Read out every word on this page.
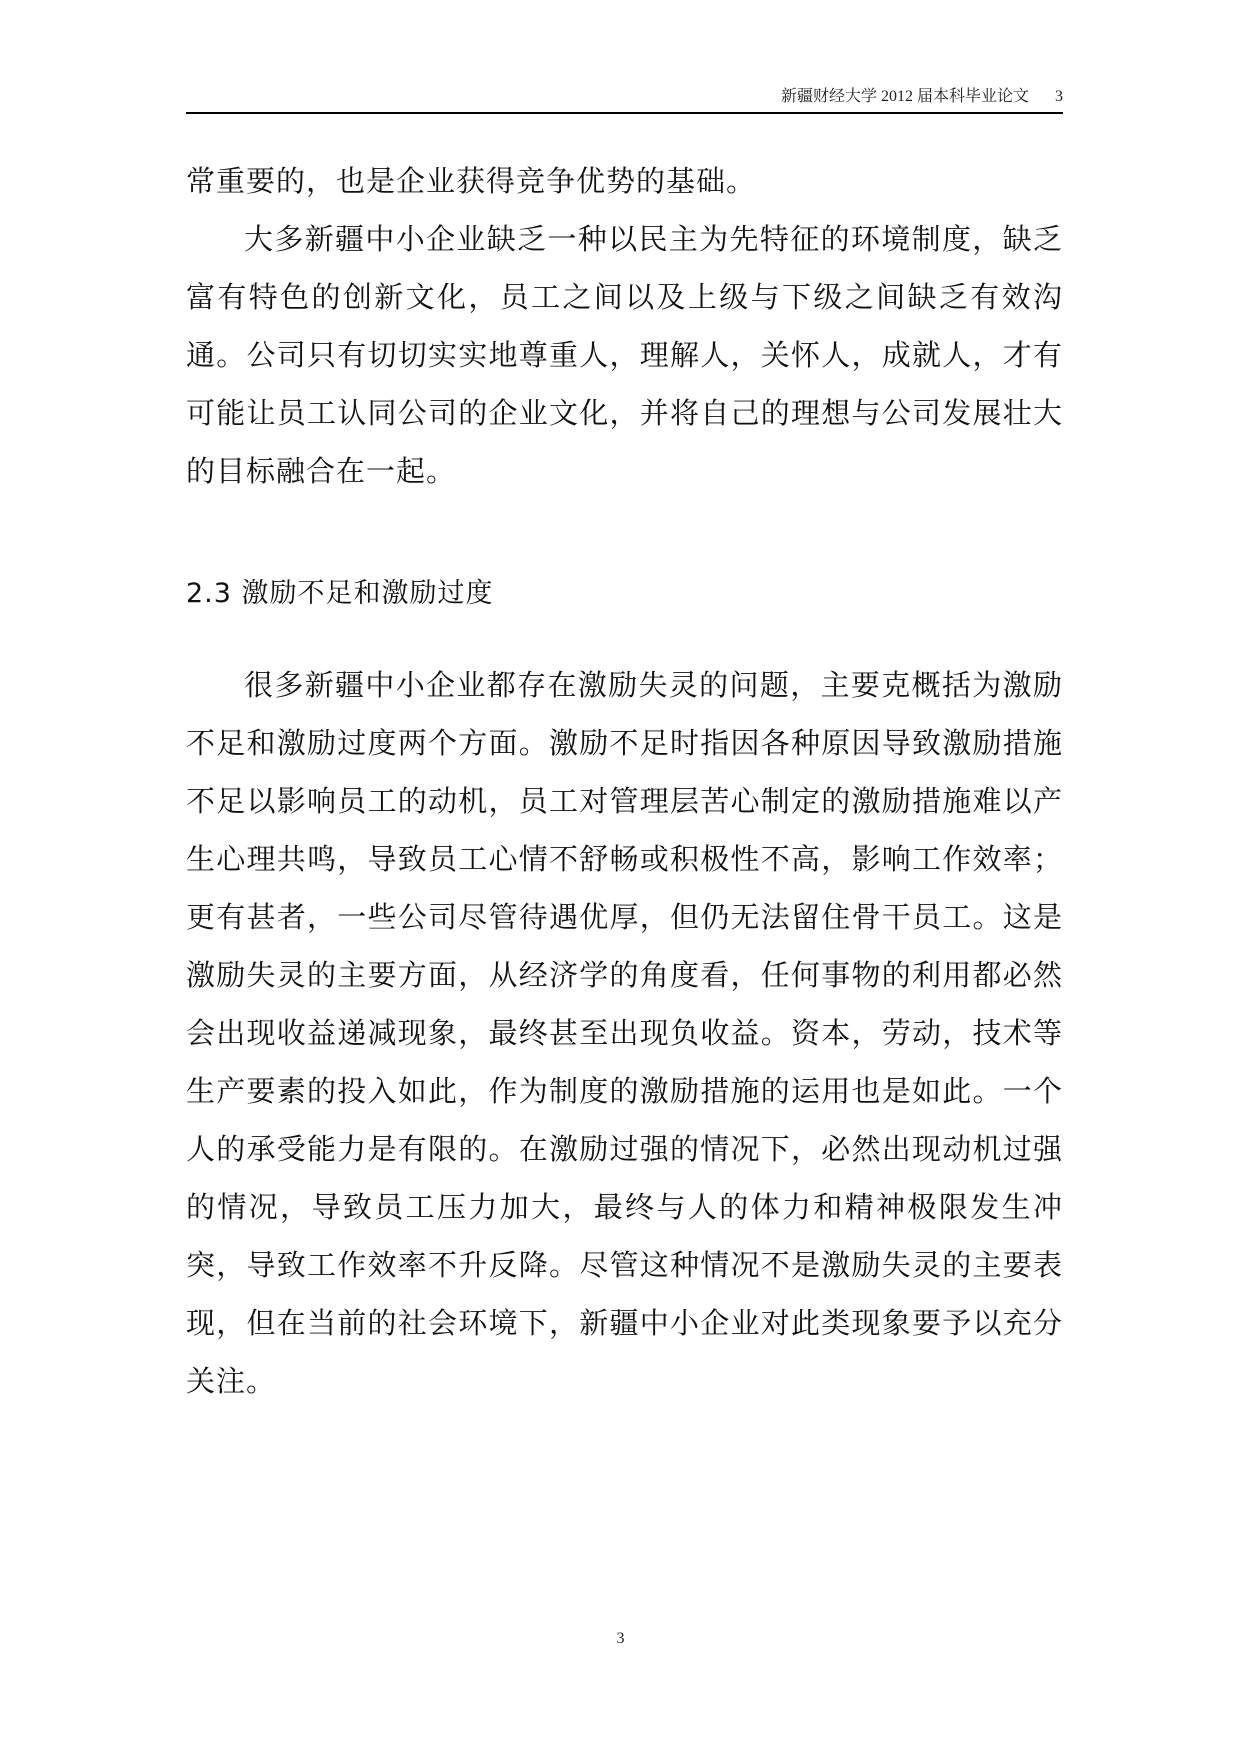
新疆财经大学 2012 届本科毕业论文 3
常重要的，也是企业获得竞争优势的基础。

大多新疆中小企业缺乏一种以民主为先特征的环境制度，缺乏富有特色的创新文化，员工之间以及上级与下级之间缺乏有效沟通。公司只有切切实实地尊重人，理解人，关怀人，成就人，才有可能让员工认同公司的企业文化，并将自己的理想与公司发展壮大的目标融合在一起。

2.3 激励不足和激励过度

很多新疆中小企业都存在激励失灵的问题，主要克概括为激励不足和激励过度两个方面。激励不足时指因各种原因导致激励措施不足以影响员工的动机，员工对管理层苦心制定的激励措施难以产生心理共鸣，导致员工心情不舒畅或积极性不高，影响工作效率；更有甚者，一些公司尽管待遇优厚，但仍无法留住骨干员工。这是激励失灵的主要方面，从经济学的角度看，任何事物的利用都必然会出现收益递减现象，最终甚至出现负收益。资本，劳动，技术等生产要素的投入如此，作为制度的激励措施的运用也是如此。一个人的承受能力是有限的。在激励过强的情况下，必然出现动机过强的情况，导致员工压力加大，最终与人的体力和精神极限发生冲突，导致工作效率不升反降。尽管这种情况不是激励失灵的主要表现，但在当前的社会环境下，新疆中小企业对此类现象要予以充分关注。

3
